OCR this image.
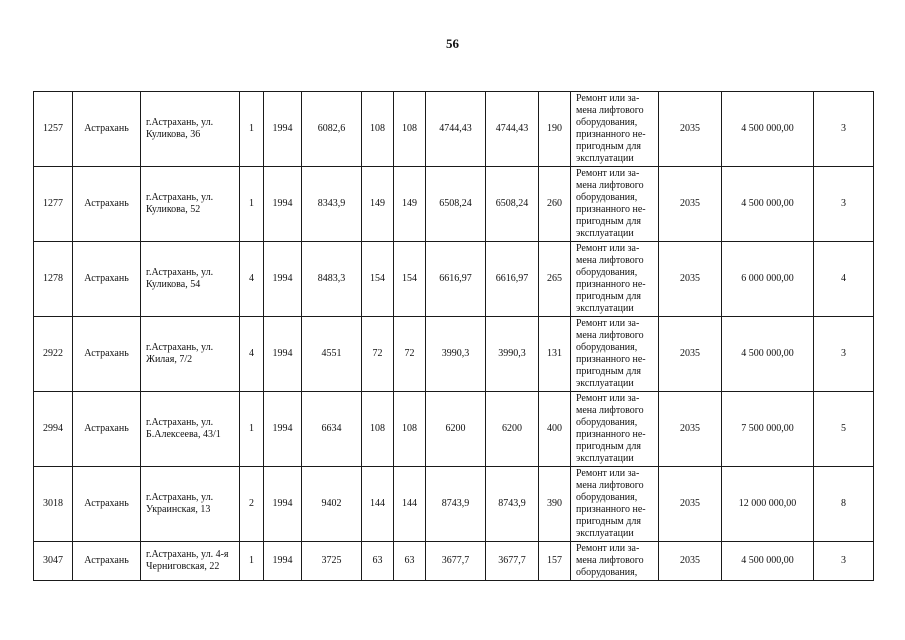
56
1257	Астрахань	г.Астрахань, ул. Куликова, 36	1	1994	6082,6	108	108	4744,43	4744,43	190	Ремонт или за-мена лифтового оборудования, признанного не-пригодным для эксплуатации	2035	4 500 000,00	3
1277	Астрахань	г.Астрахань, ул. Куликова, 52	1	1994	8343,9	149	149	6508,24	6508,24	260	Ремонт или за-мена лифтового оборудования, признанного не-пригодным для эксплуатации	2035	4 500 000,00	3
1278	Астрахань	г.Астрахань, ул. Куликова, 54	4	1994	8483,3	154	154	6616,97	6616,97	265	Ремонт или за-мена лифтового оборудования, признанного не-пригодным для эксплуатации	2035	6 000 000,00	4
2922	Астрахань	г.Астрахань, ул. Жилая, 7/2	4	1994	4551	72	72	3990,3	3990,3	131	Ремонт или за-мена лифтового оборудования, признанного не-пригодным для эксплуатации	2035	4 500 000,00	3
2994	Астрахань	г.Астрахань, ул. Б.Алексеева, 43/1	1	1994	6634	108	108	6200	6200	400	Ремонт или за-мена лифтового оборудования, признанного не-пригодным для эксплуатации	2035	7 500 000,00	5
3018	Астрахань	г.Астрахань, ул. Украинская, 13	2	1994	9402	144	144	8743,9	8743,9	390	Ремонт или за-мена лифтового оборудования, признанного не-пригодным для эксплуатации	2035	12 000 000,00	8
3047	Астрахань	г.Астрахань, ул. 4-я Черниговская, 22	1	1994	3725	63	63	3677,7	3677,7	157	Ремонт или за-мена лифтового оборудования,	2035	4 500 000,00	3
